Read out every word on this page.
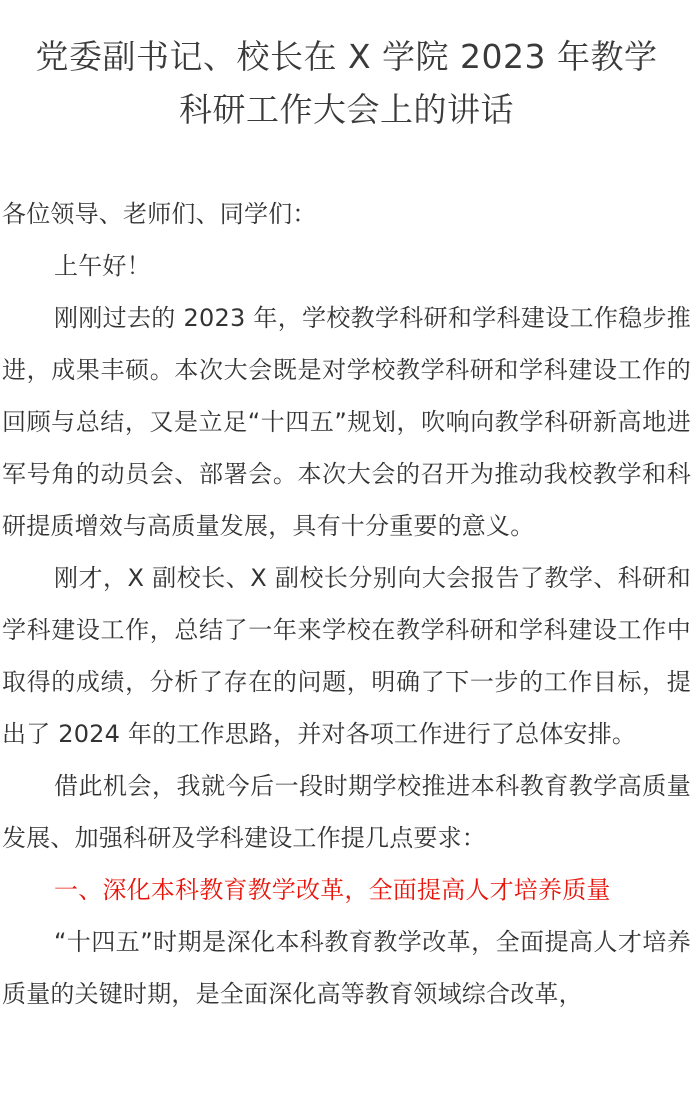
党委副书记、校长在 X 学院 2023 年教学
科研工作大会上的讲话

各位领导、老师们、同学们：

上午好！

刚刚过去的 2023 年，学校教学科研和学科建设工作稳步推进，成果丰硕。本次大会既是对学校教学科研和学科建设工作的回顾与总结，又是立足“十四五”规划，吹响向教学科研新高地进军号角的动员会、部署会。本次大会的召开为推动我校教学和科研提质增效与高质量发展，具有十分重要的意义。

刚才，X 副校长、X 副校长分别向大会报告了教学、科研和学科建设工作，总结了一年来学校在教学科研和学科建设工作中取得的成绩，分析了存在的问题，明确了下一步的工作目标，提出了 2024 年的工作思路，并对各项工作进行了总体安排。

借此机会，我就今后一段时期学校推进本科教育教学高质量发展、加强科研及学科建设工作提几点要求：

一、深化本科教育教学改革，全面提高人才培养质量

“十四五”时期是深化本科教育教学改革，全面提高人才培养质量的关键时期，是全面深化高等教育领域综合改革，
